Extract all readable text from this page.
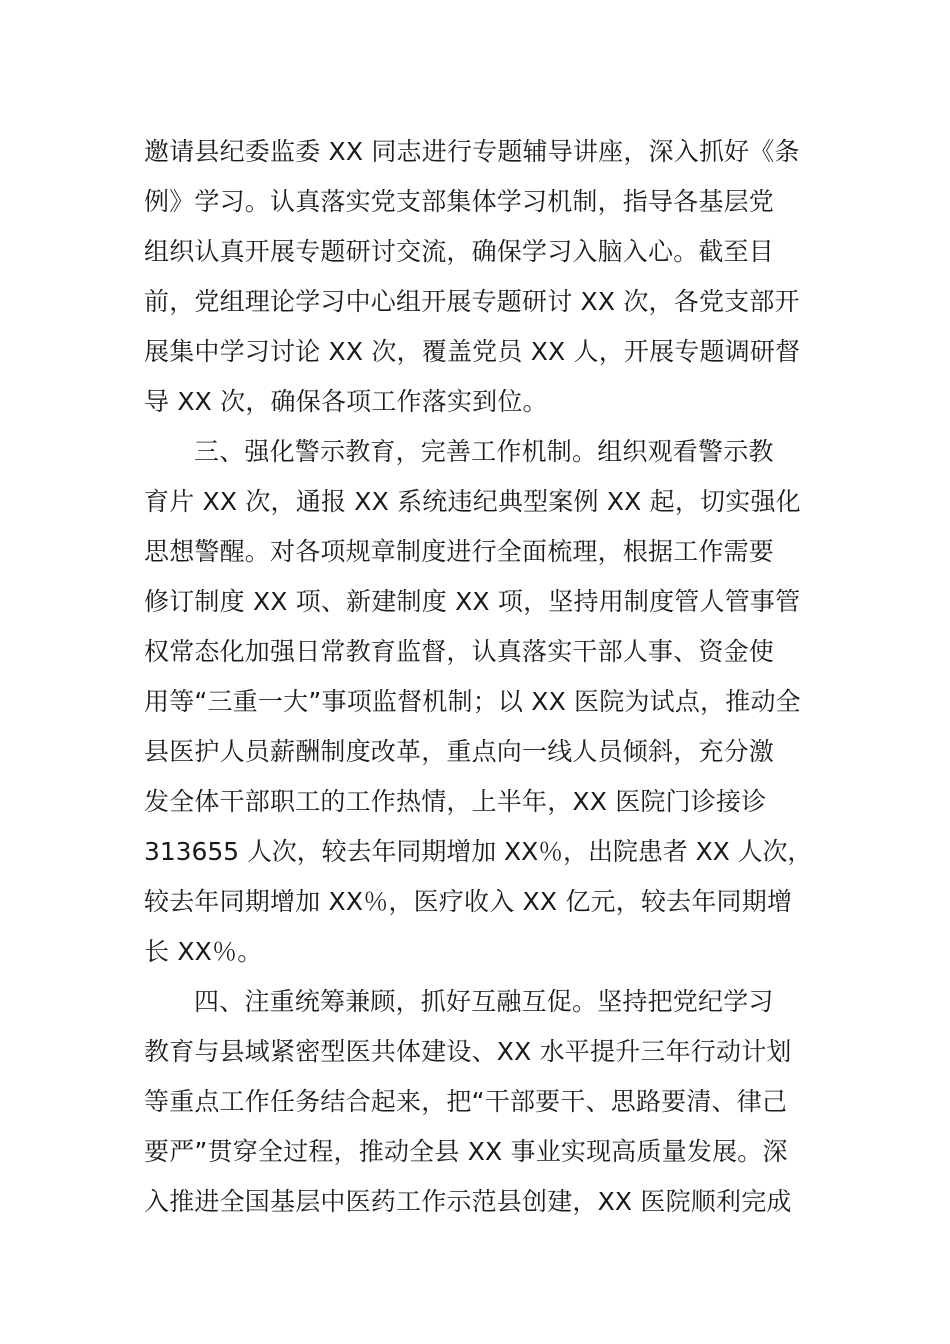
邀请县纪委监委 XX 同志进行专题辅导讲座，深入抓好《条
例》学习。认真落实党支部集体学习机制，指导各基层党
组织认真开展专题研讨交流，确保学习入脑入心。截至目
前，党组理论学习中心组开展专题研讨 XX 次，各党支部开
展集中学习讨论 XX 次，覆盖党员 XX 人，开展专题调研督
导 XX 次，确保各项工作落实到位。
三、强化警示教育，完善工作机制。组织观看警示教
育片 XX 次，通报 XX 系统违纪典型案例 XX 起，切实强化
思想警醒。对各项规章制度进行全面梳理，根据工作需要
修订制度 XX 项、新建制度 XX 项，坚持用制度管人管事管
权常态化加强日常教育监督，认真落实干部人事、资金使
用等“三重一大”事项监督机制；以 XX 医院为试点，推动全
县医护人员薪酬制度改革，重点向一线人员倾斜，充分激
发全体干部职工的工作热情，上半年，XX 医院门诊接诊
313655 人次，较去年同期增加 XX％，出院患者 XX 人次，
较去年同期增加 XX％，医疗收入 XX 亿元，较去年同期增
长 XX％。
四、注重统筹兼顾，抓好互融互促。坚持把党纪学习
教育与县域紧密型医共体建设、XX 水平提升三年行动计划
等重点工作任务结合起来，把“干部要干、思路要清、律己
要严”贯穿全过程，推动全县 XX 事业实现高质量发展。深
入推进全国基层中医药工作示范县创建，XX 医院顺利完成
